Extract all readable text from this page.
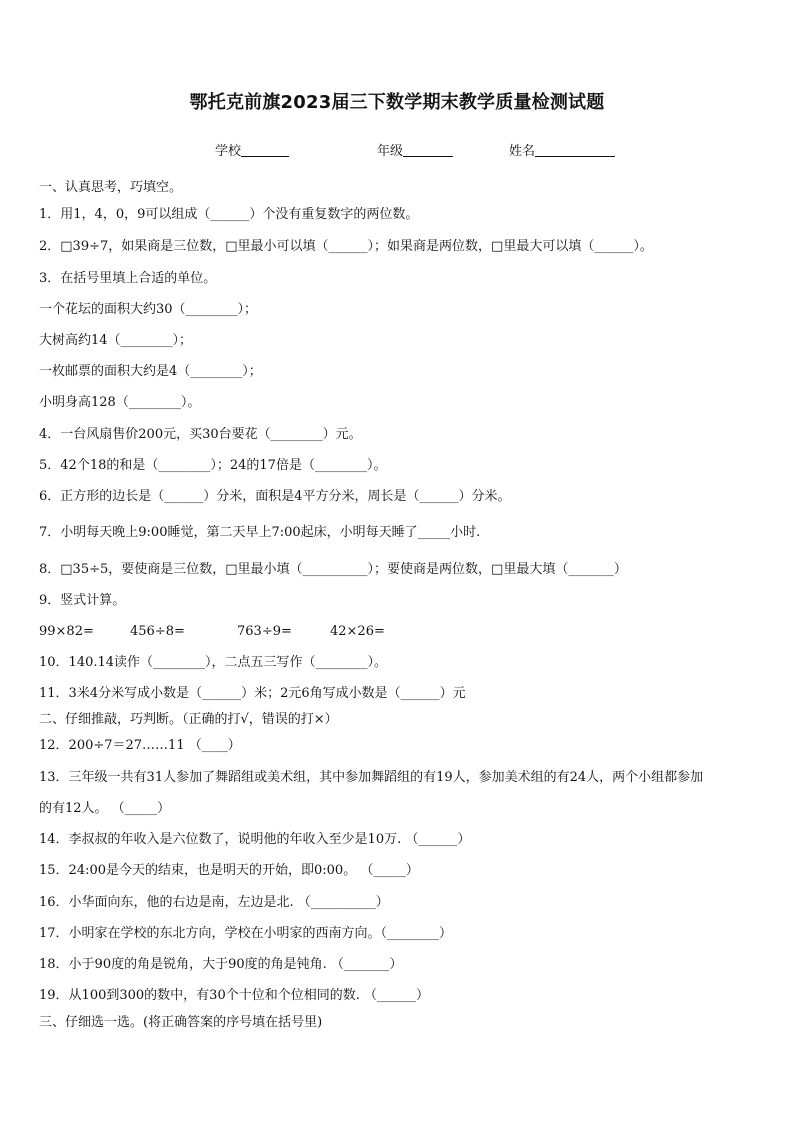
鄂托克前旗2023届三下数学期末教学质量检测试题
学校	年级	姓名
一、认真思考，巧填空。
1．用1，4，0，9可以组成（______）个没有重复数字的两位数。
2．□39÷7，如果商是三位数，□里最小可以填（______）；如果商是两位数，□里最大可以填（______）。
3．在括号里填上合适的单位。
一个花坛的面积大约30（________）；
大树高约14（________）；
一枚邮票的面积大约是4（________）；
小明身高128（________）。
4．一台风扇售价200元，买30台要花（________）元。
5．42个18的和是（________）；24的17倍是（________）。
6．正方形的边长是（______）分米，面积是4平方分米，周长是（______）分米。
7．小明每天晚上9:00睡觉，第二天早上7:00起床，小明每天睡了_____小时.
8．□35÷5，要使商是三位数，□里最小填（__________）；要使商是两位数，□里最大填（_______）
9．竖式计算。
99×82=	456÷8=	763÷9=	42×26=
10．140.14读作（________），二点五三写作（________）。
11．3米4分米写成小数是（______）米；2元6角写成小数是（______）元
二、仔细推敲，巧判断。（正确的打√，错误的打×）
12．200÷7＝27……11 （____）
13．三年级一共有31人参加了舞蹈组或美术组，其中参加舞蹈组的有19人，参加美术组的有24人，两个小组都参加
的有12人。 （_____）
14．李叔叔的年收入是六位数了，说明他的年收入至少是10万. （______）
15．24:00是今天的结束，也是明天的开始，即0:00。 （_____）
16．小华面向东，他的右边是南，左边是北. （__________）
17．小明家在学校的东北方向，学校在小明家的西南方向。（________）
18．小于90度的角是锐角，大于90度的角是钝角. （_______）
19．从100到300的数中，有30个十位和个位相同的数. （______）
三、仔细选一选。(将正确答案的序号填在括号里)
